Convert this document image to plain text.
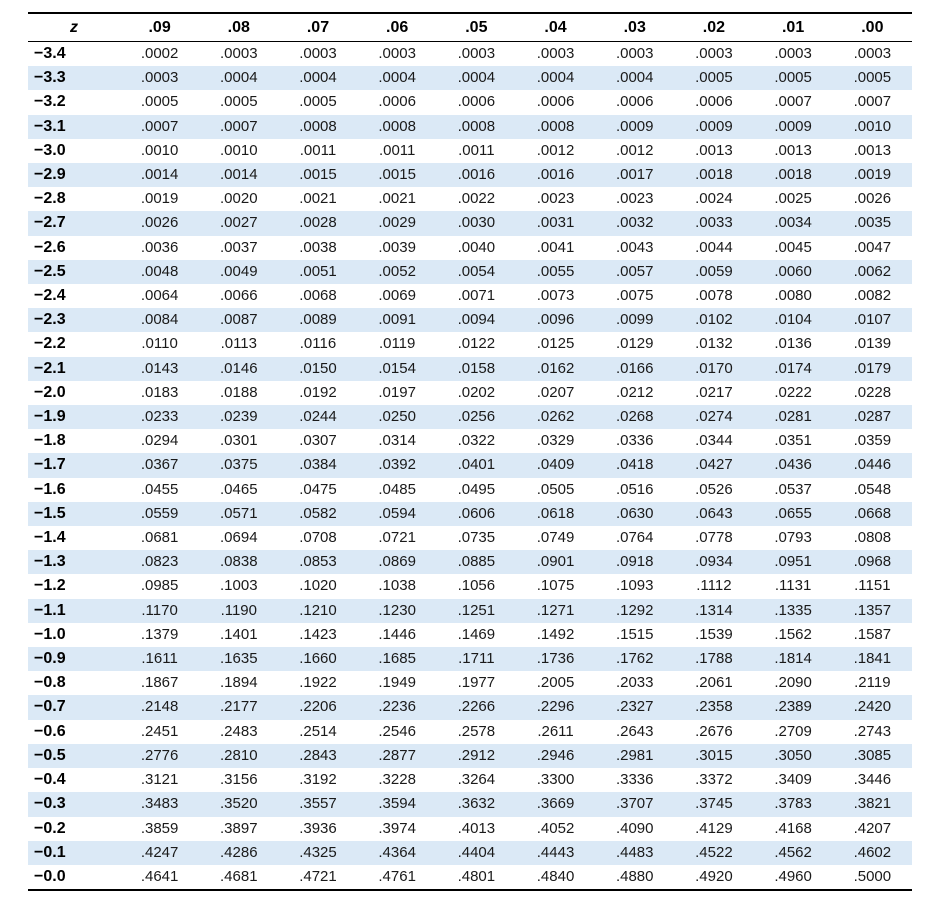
z	.09	.08	.07	.06	.05	.04	.03	.02	.01	.00
−3.4	.0002	.0003	.0003	.0003	.0003	.0003	.0003	.0003	.0003	.0003
−3.3	.0003	.0004	.0004	.0004	.0004	.0004	.0004	.0005	.0005	.0005
−3.2	.0005	.0005	.0005	.0006	.0006	.0006	.0006	.0006	.0007	.0007
−3.1	.0007	.0007	.0008	.0008	.0008	.0008	.0009	.0009	.0009	.0010
−3.0	.0010	.0010	.0011	.0011	.0011	.0012	.0012	.0013	.0013	.0013
−2.9	.0014	.0014	.0015	.0015	.0016	.0016	.0017	.0018	.0018	.0019
−2.8	.0019	.0020	.0021	.0021	.0022	.0023	.0023	.0024	.0025	.0026
−2.7	.0026	.0027	.0028	.0029	.0030	.0031	.0032	.0033	.0034	.0035
−2.6	.0036	.0037	.0038	.0039	.0040	.0041	.0043	.0044	.0045	.0047
−2.5	.0048	.0049	.0051	.0052	.0054	.0055	.0057	.0059	.0060	.0062
−2.4	.0064	.0066	.0068	.0069	.0071	.0073	.0075	.0078	.0080	.0082
−2.3	.0084	.0087	.0089	.0091	.0094	.0096	.0099	.0102	.0104	.0107
−2.2	.0110	.0113	.0116	.0119	.0122	.0125	.0129	.0132	.0136	.0139
−2.1	.0143	.0146	.0150	.0154	.0158	.0162	.0166	.0170	.0174	.0179
−2.0	.0183	.0188	.0192	.0197	.0202	.0207	.0212	.0217	.0222	.0228
−1.9	.0233	.0239	.0244	.0250	.0256	.0262	.0268	.0274	.0281	.0287
−1.8	.0294	.0301	.0307	.0314	.0322	.0329	.0336	.0344	.0351	.0359
−1.7	.0367	.0375	.0384	.0392	.0401	.0409	.0418	.0427	.0436	.0446
−1.6	.0455	.0465	.0475	.0485	.0495	.0505	.0516	.0526	.0537	.0548
−1.5	.0559	.0571	.0582	.0594	.0606	.0618	.0630	.0643	.0655	.0668
−1.4	.0681	.0694	.0708	.0721	.0735	.0749	.0764	.0778	.0793	.0808
−1.3	.0823	.0838	.0853	.0869	.0885	.0901	.0918	.0934	.0951	.0968
−1.2	.0985	.1003	.1020	.1038	.1056	.1075	.1093	.1112	.1131	.1151
−1.1	.1170	.1190	.1210	.1230	.1251	.1271	.1292	.1314	.1335	.1357
−1.0	.1379	.1401	.1423	.1446	.1469	.1492	.1515	.1539	.1562	.1587
−0.9	.1611	.1635	.1660	.1685	.1711	.1736	.1762	.1788	.1814	.1841
−0.8	.1867	.1894	.1922	.1949	.1977	.2005	.2033	.2061	.2090	.2119
−0.7	.2148	.2177	.2206	.2236	.2266	.2296	.2327	.2358	.2389	.2420
−0.6	.2451	.2483	.2514	.2546	.2578	.2611	.2643	.2676	.2709	.2743
−0.5	.2776	.2810	.2843	.2877	.2912	.2946	.2981	.3015	.3050	.3085
−0.4	.3121	.3156	.3192	.3228	.3264	.3300	.3336	.3372	.3409	.3446
−0.3	.3483	.3520	.3557	.3594	.3632	.3669	.3707	.3745	.3783	.3821
−0.2	.3859	.3897	.3936	.3974	.4013	.4052	.4090	.4129	.4168	.4207
−0.1	.4247	.4286	.4325	.4364	.4404	.4443	.4483	.4522	.4562	.4602
−0.0	.4641	.4681	.4721	.4761	.4801	.4840	.4880	.4920	.4960	.5000
